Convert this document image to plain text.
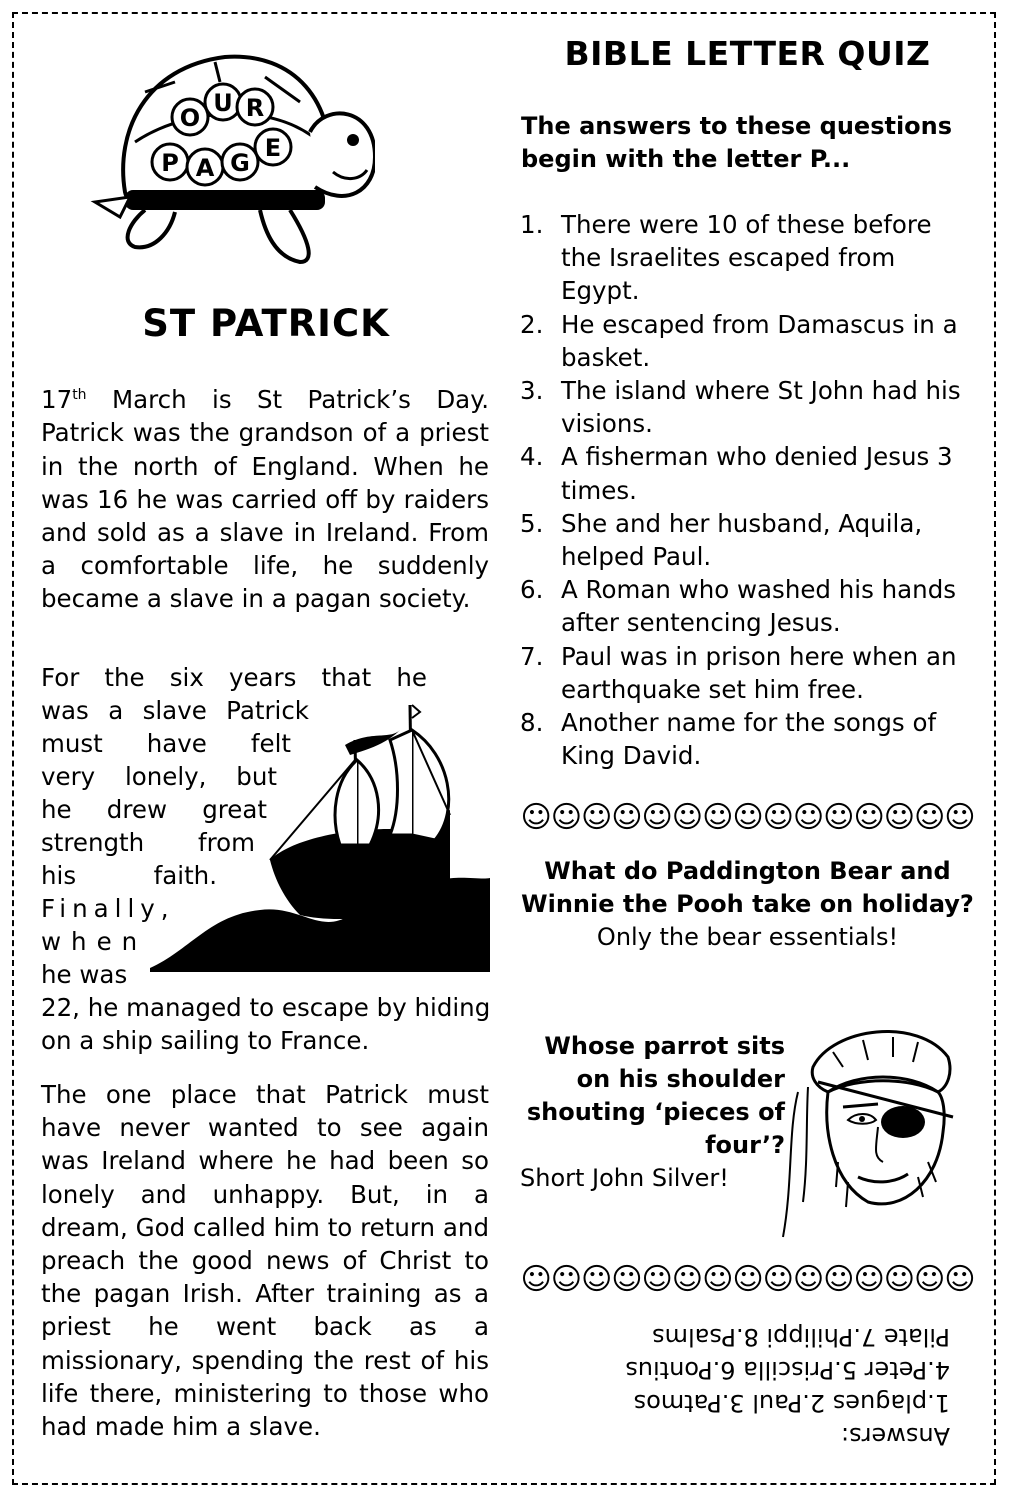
O
U R
P A G
E
ST PATRICK

17th March is St Patrick’s Day. Patrick was the grandson of a priest in the north of England. When he was 16 he was carried off by raiders and sold as a slave in Ireland. From a comfortable life, he suddenly became a slave in a pagan society.

For the six years that he

was a slave Patrick

must have felt

very lonely, but

he drew great

strength from

his faith.

Finally,

when

he was

22, he managed to escape by hiding

on a ship sailing to France.

The one place that Patrick must have never wanted to see again was Ireland where he had been so lonely and unhappy. But, in a dream, God called him to return and preach the good news of Christ to the pagan Irish. After training as a priest he went back as a missionary, spending the rest of his life there, ministering to those who had made him a slave.

BIBLE LETTER QUIZ

The answers to these questions begin with the letter P...

1. There were 10 of these before the Israelites escaped from Egypt.
2. He escaped from Damascus in a basket.
3. The island where St John had his visions.
4. A fisherman who denied Jesus 3 times.
5. She and her husband, Aquila, helped Paul.
6. A Roman who washed his hands after sentencing Jesus.
7. Paul was in prison here when an earthquake set him free.
8. Another name for the songs of King David.

☺☺☺☺☺☺☺☺☺☺☺☺☺☺☺

What do Paddington Bear and Winnie the Pooh take on holiday?
Only the bear essentials!
Whose parrot sits on his shoulder shouting ‘pieces of four’?
Short John Silver!

☺☺☺☺☺☺☺☺☺☺☺☺☺☺☺

Answers:
1.plagues 2.Paul 3.Patmos
4.Peter 5.Priscilla 6.Pontius
Pilate 7.Philippi 8.Psalms
